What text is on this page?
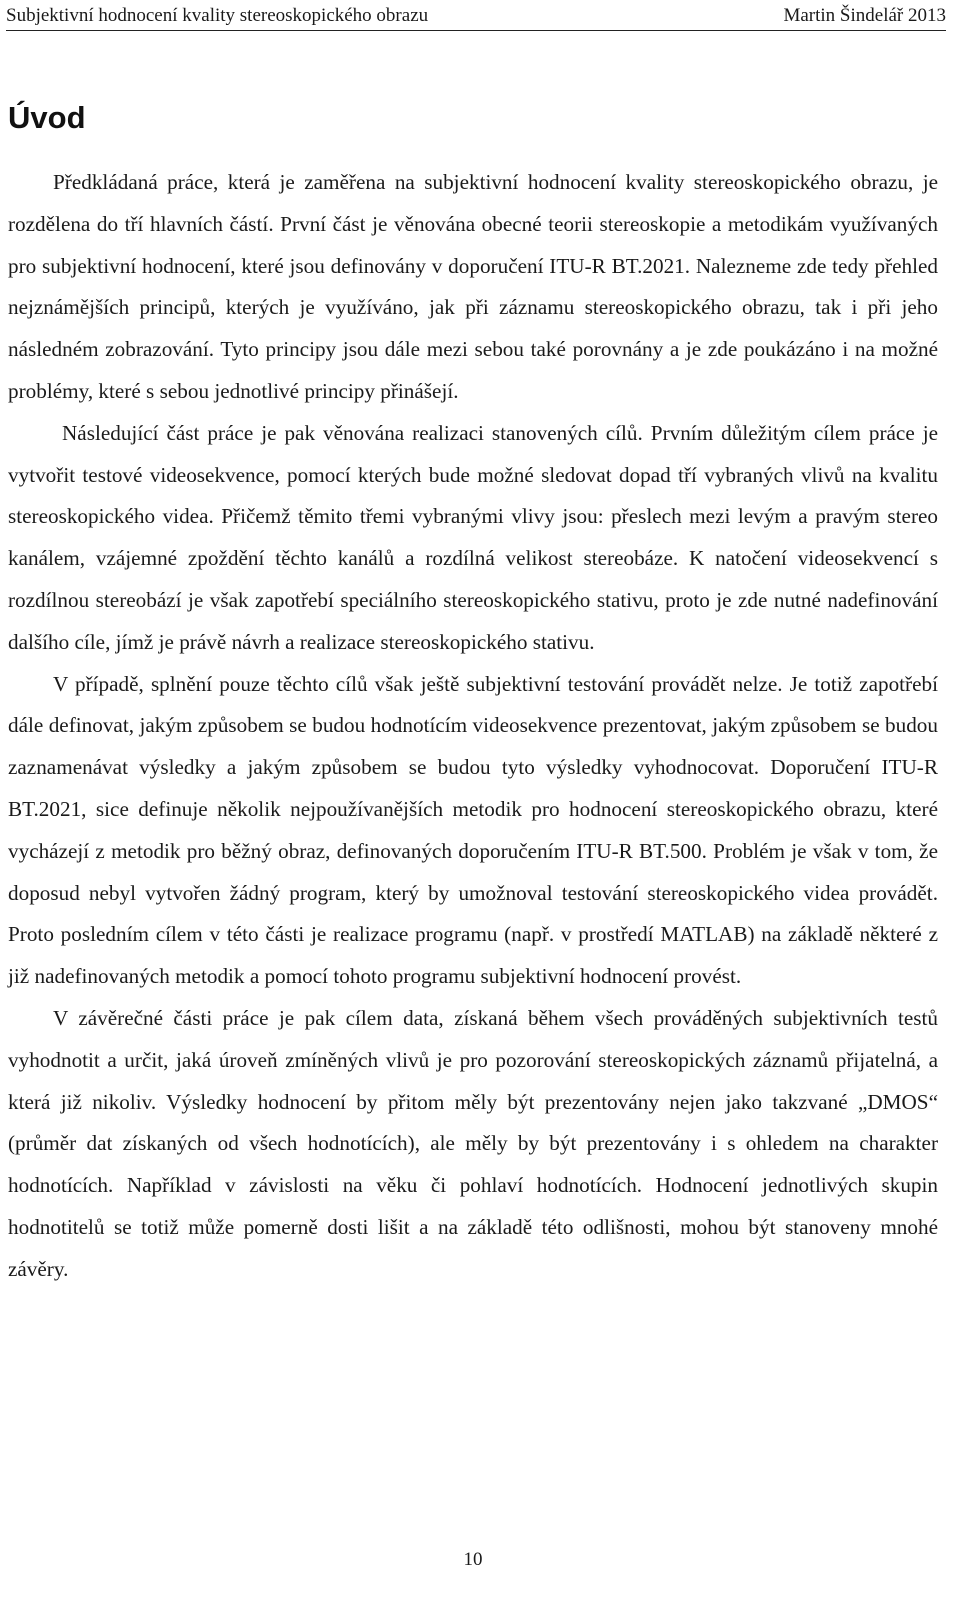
Subjektivní hodnocení kvality stereoskopického obrazu	Martin Šindelář 2013
Úvod

Předkládaná práce, která je zaměřena na subjektivní hodnocení kvality stereoskopického obrazu, je rozdělena do tří hlavních částí. První část je věnována obecné teorii stereoskopie a metodikám využívaných pro subjektivní hodnocení, které jsou definovány v doporučení ITU-R BT.2021. Nalezneme zde tedy přehled nejznámějších principů, kterých je využíváno, jak při záznamu stereoskopického obrazu, tak i při jeho následném zobrazování. Tyto principy jsou dále mezi sebou také porovnány a je zde poukázáno i na možné problémy, které s sebou jednotlivé principy přinášejí.

Následující část práce je pak věnována realizaci stanovených cílů. Prvním důležitým cílem práce je vytvořit testové videosekvence, pomocí kterých bude možné sledovat dopad tří vybraných vlivů na kvalitu stereoskopického videa. Přičemž těmito třemi vybranými vlivy jsou: přeslech mezi levým a pravým stereo kanálem, vzájemné zpoždění těchto kanálů a rozdílná velikost stereobáze. K natočení videosekvencí s rozdílnou stereobází je však zapotřebí speciálního stereoskopického stativu, proto je zde nutné nadefinování dalšího cíle, jímž je právě návrh a realizace stereoskopického stativu.

V případě, splnění pouze těchto cílů však ještě subjektivní testování provádět nelze. Je totiž zapotřebí dále definovat, jakým způsobem se budou hodnotícím videosekvence prezentovat, jakým způsobem se budou zaznamenávat výsledky a jakým způsobem se budou tyto výsledky vyhodnocovat. Doporučení ITU-R BT.2021, sice definuje několik nejpoužívanějších metodik pro hodnocení stereoskopického obrazu, které vycházejí z metodik pro běžný obraz, definovaných doporučením ITU-R BT.500. Problém je však v tom, že doposud nebyl vytvořen žádný program, který by umožnoval testování stereoskopického videa provádět. Proto posledním cílem v této části je realizace programu (např. v prostředí MATLAB) na základě některé z již nadefinovaných metodik a pomocí tohoto programu subjektivní hodnocení provést.

V závěrečné části práce je pak cílem data, získaná během všech prováděných subjektivních testů vyhodnotit a určit, jaká úroveň zmíněných vlivů je pro pozorování stereoskopických záznamů přijatelná, a která již nikoliv. Výsledky hodnocení by přitom měly být prezentovány nejen jako takzvané „DMOS“ (průměr dat získaných od všech hodnotících), ale měly by být prezentovány i s ohledem na charakter hodnotících. Například v závislosti na věku či pohlaví hodnotících. Hodnocení jednotlivých skupin hodnotitelů se totiž může pomerně dosti lišit a na základě této odlišnosti, mohou být stanoveny mnohé závěry.

10
